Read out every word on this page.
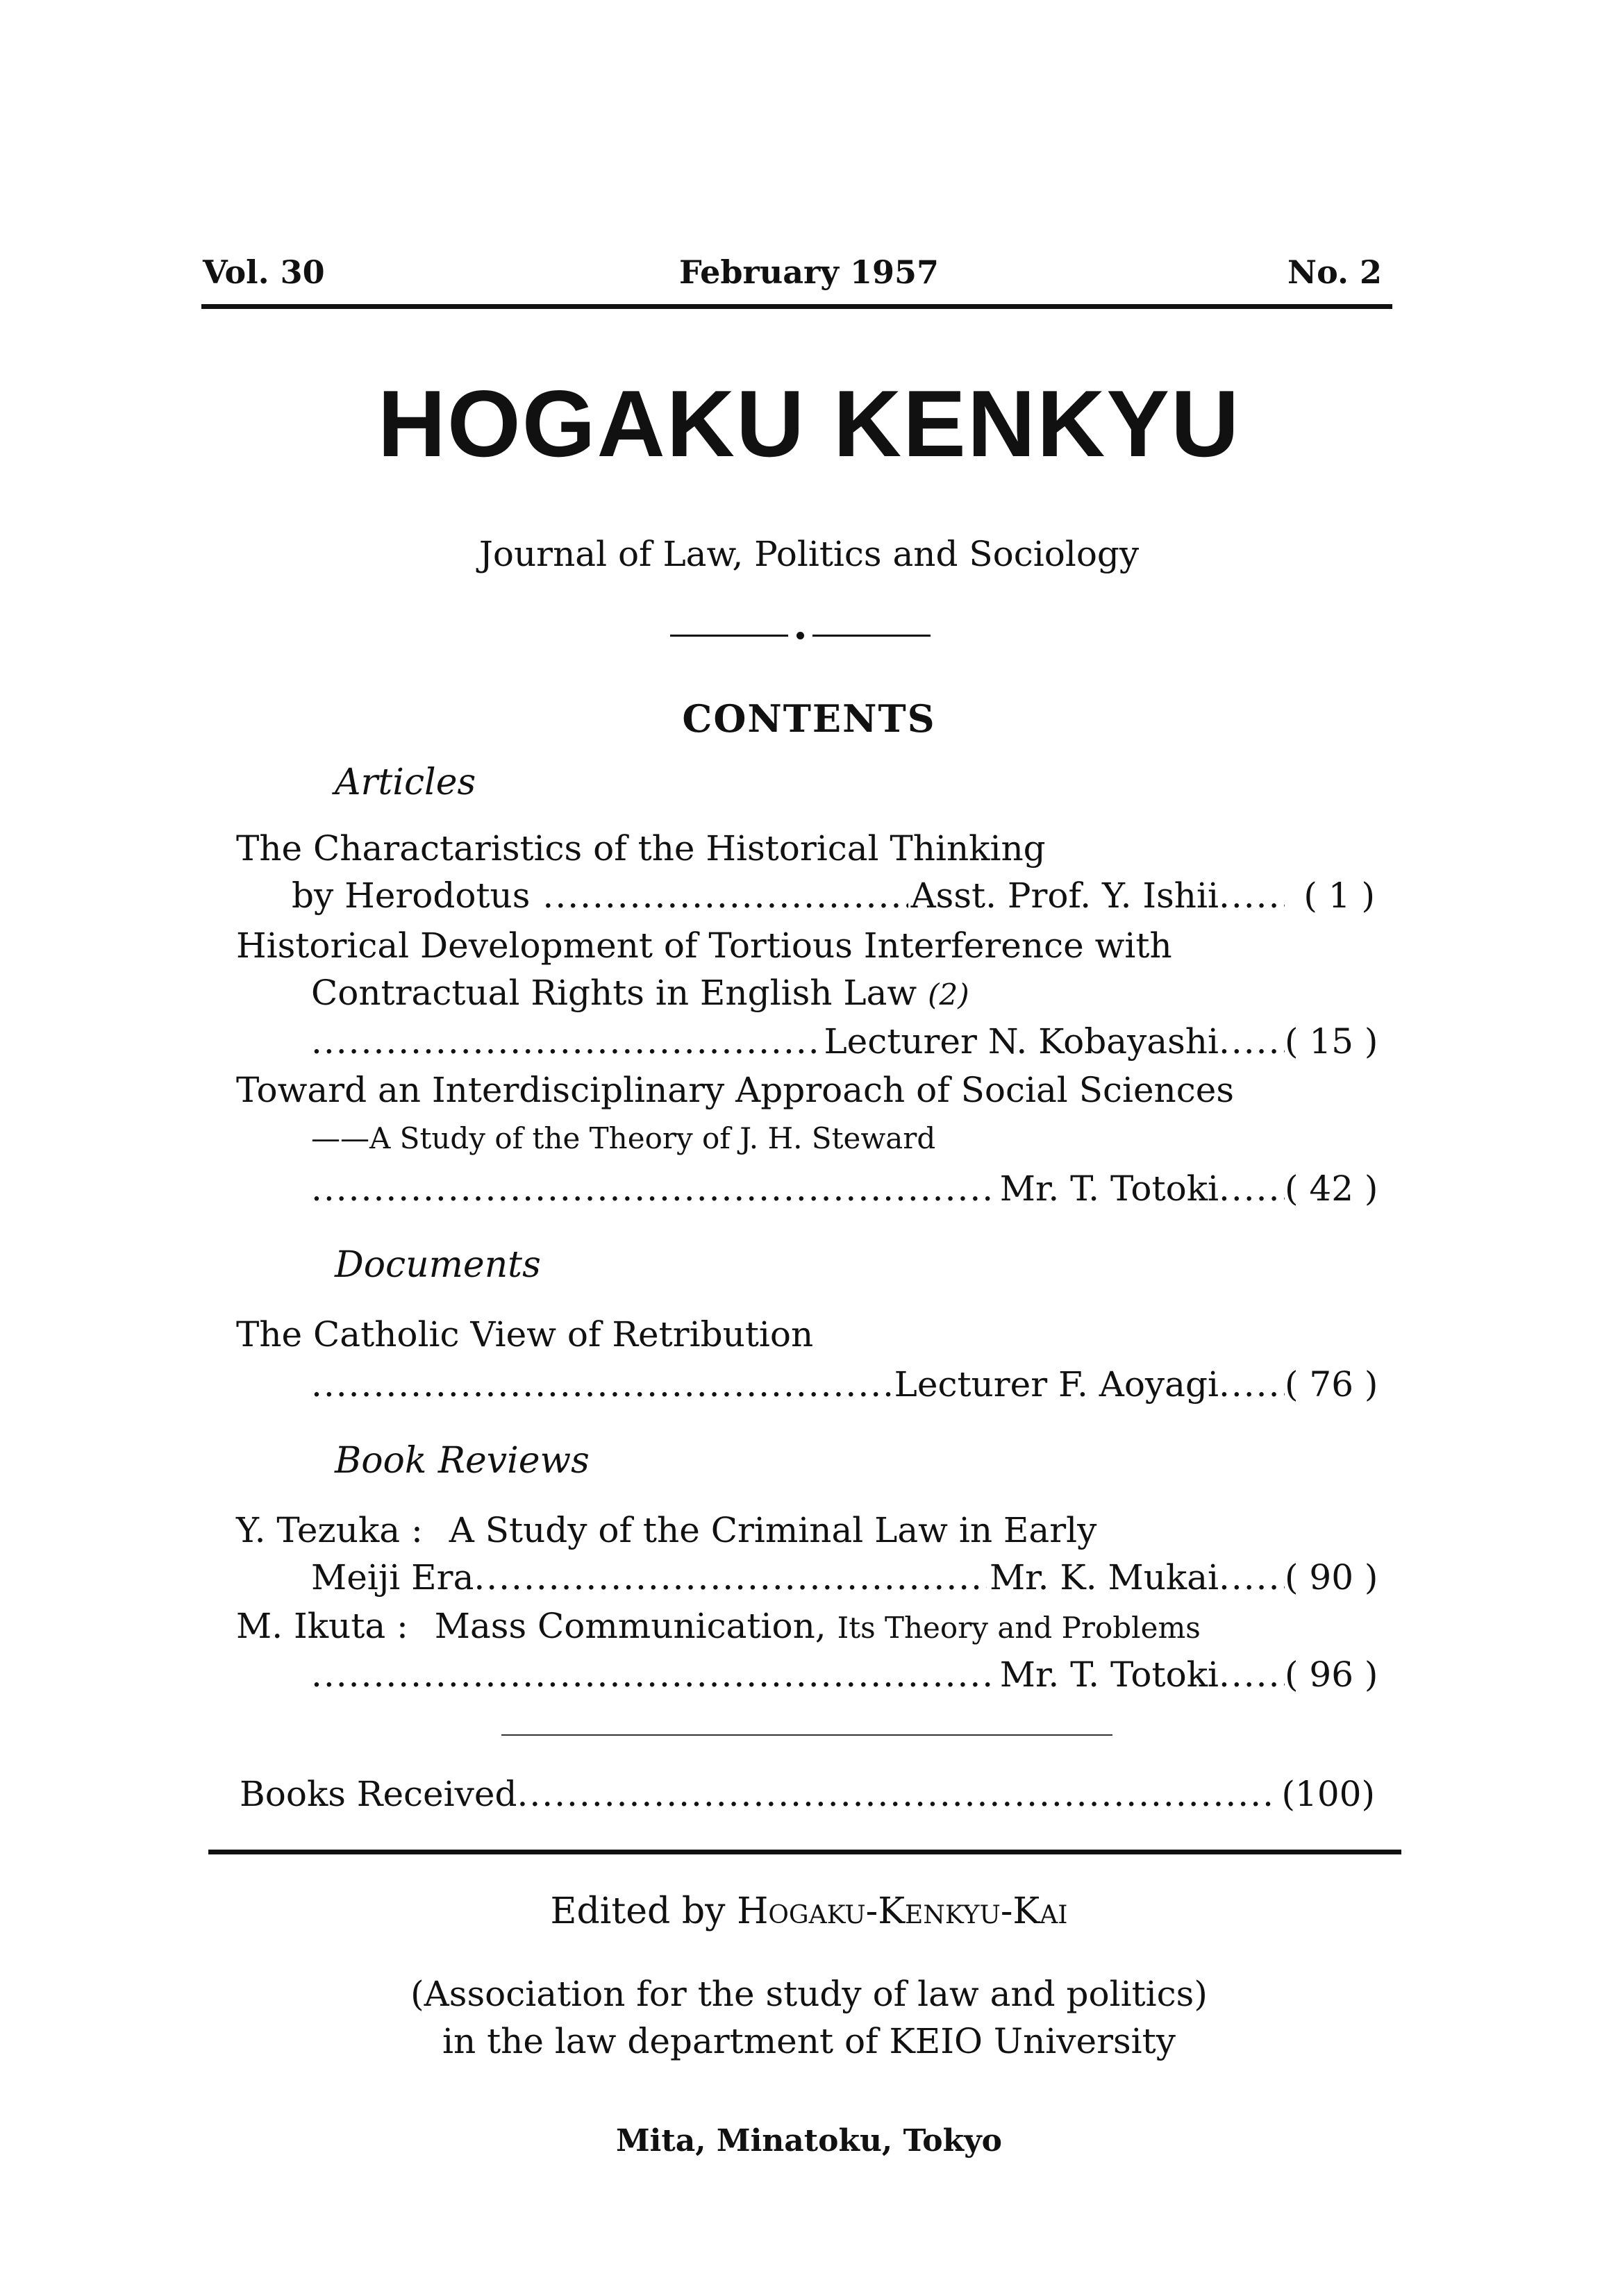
Vol. 30	February 1957	No. 2
HOGAKU KENKYU
Journal of Law, Politics and Sociology
CONTENTS
Articles
The Charactaristics of the Historical Thinking
by Herodotus .....	Asst. Prof. Y. Ishii .....	( 1 )
Historical Development of Tortious Interference with
Contractual Rights in English Law (2)
.....
Lecturer N. Kobayashi ..... ( 15 )
Toward an Interdisciplinary Approach of Social Sciences
——A Study of the Theory of J. H. Steward
.....
Mr. T. Totoki ..... ( 42 )
Documents
The Catholic View of Retribution
.....
Lecturer F. Aoyagi ..... ( 76 )
Book Reviews
Y. Tezuka : A Study of the Criminal Law in Early
Meiji Era .....	Mr. K. Mukai ..... ( 90 )
M. Ikuta : Mass Communication, Its Theory and Problems
.....
Mr. T. Totoki ..... ( 96 )
Books Received .....	(100)
Edited by Hogaku-Kenkyu-Kai
(Association for the study of law and politics)
in the law department of KEIO University
Mita, Minatoku, Tokyo
